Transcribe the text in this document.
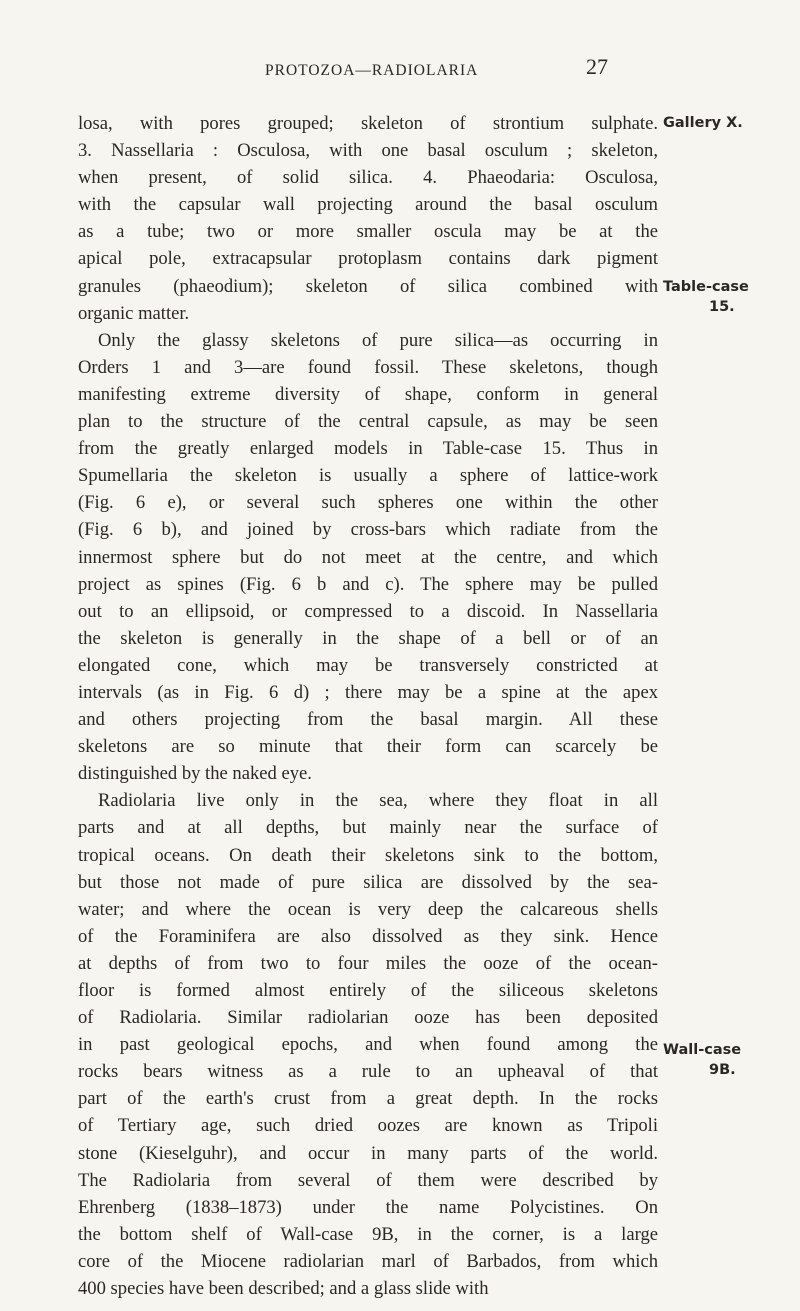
PROTOZOA—RADIOLARIA	27
losa, with pores grouped; skeleton of strontium sulphate.
3. Nassellaria : Osculosa, with one basal osculum ; skeleton,
when present, of solid silica. 4. Phaeodaria: Osculosa,
with the capsular wall projecting around the basal osculum
as a tube; two or more smaller oscula may be at the
apical pole, extracapsular protoplasm contains dark pigment
granules (phaeodium); skeleton of silica combined with
organic matter.
Only the glassy skeletons of pure silica—as occurring in
Orders 1 and 3—are found fossil. These skeletons, though
manifesting extreme diversity of shape, conform in general
plan to the structure of the central capsule, as may be seen
from the greatly enlarged models in Table-case 15. Thus in
Spumellaria the skeleton is usually a sphere of lattice-work
(Fig. 6 e), or several such spheres one within the other
(Fig. 6 b), and joined by cross-bars which radiate from the
innermost sphere but do not meet at the centre, and which
project as spines (Fig. 6 b and c). The sphere may be pulled
out to an ellipsoid, or compressed to a discoid. In Nassellaria
the skeleton is generally in the shape of a bell or of an
elongated cone, which may be transversely constricted at
intervals (as in Fig. 6 d) ; there may be a spine at the apex
and others projecting from the basal margin. All these
skeletons are so minute that their form can scarcely be
distinguished by the naked eye.
Radiolaria live only in the sea, where they float in all
parts and at all depths, but mainly near the surface of
tropical oceans. On death their skeletons sink to the bottom,
but those not made of pure silica are dissolved by the sea-
water; and where the ocean is very deep the calcareous shells
of the Foraminifera are also dissolved as they sink. Hence
at depths of from two to four miles the ooze of the ocean-
floor is formed almost entirely of the siliceous skeletons
of Radiolaria. Similar radiolarian ooze has been deposited
in past geological epochs, and when found among the
rocks bears witness as a rule to an upheaval of that
part of the earth's crust from a great depth. In the rocks
of Tertiary age, such dried oozes are known as Tripoli
stone (Kieselguhr), and occur in many parts of the world.
The Radiolaria from several of them were described by
Ehrenberg (1838–1873) under the name Polycistines. On
the bottom shelf of Wall-case 9B, in the corner, is a large
core of the Miocene radiolarian marl of Barbados, from which
400 species have been described; and a glass slide with
Gallery X.
Table-case
15.
Wall-case
9B.
